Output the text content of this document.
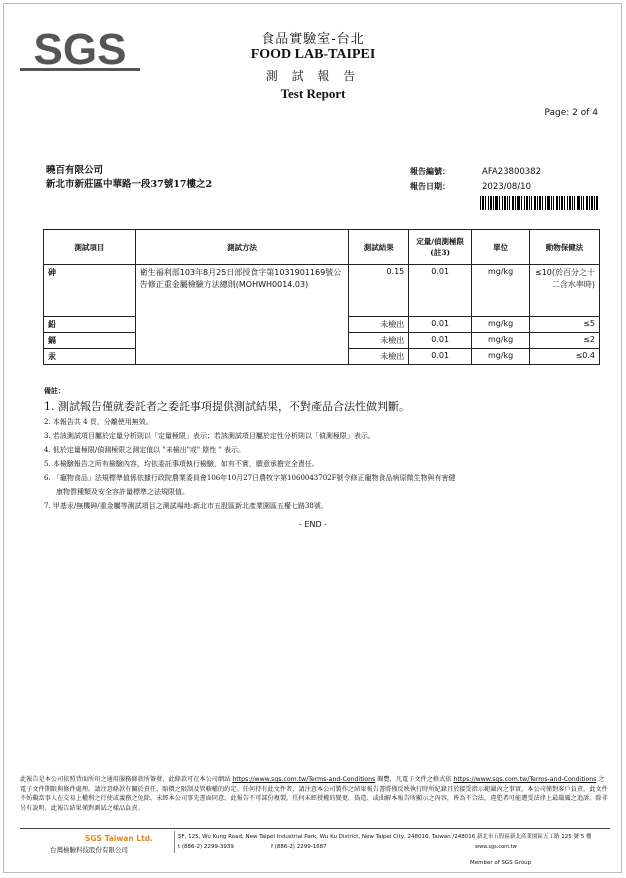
SGS	食品實驗室-台北
FOOD LAB-TAIPEI
測 試 報 告
Test Report
Page: 2 of 4
曉百有限公司
新北市新莊區中華路一段37號17樓之2
報告編號：	AFA23800382
報告日期：	2023/08/10
測試項目	測試方法	測試結果	定量/偵測極限(註3)	單位	動物保健法
砷	衛生福利部103年8月25日部授食字第1031901169號公告修正重金屬檢驗方法總則(MOHWH0014.03)	0.15	0.01	mg/kg	≤10(於百分之十二含水率時)
鉛		未檢出	0.01	mg/kg	≤5
鎘		未檢出	0.01	mg/kg	≤2
汞		未檢出	0.01	mg/kg	≤0.4
備註：
1. 測試報告僅就委託者之委託事項提供測試結果，不對產品合法性做判斷。
2. 本報告共 4 頁，分離使用無效。
3. 若該測試項目屬於定量分析則以「定量極限」表示；若該測試項目屬於定性分析則以「偵測極限」表示。
4. 低於定量極限/偵測極限之測定值以 "未檢出"或" 陰性 " 表示。
5. 本檢驗報告之所有檢驗內容，均依委託事項執行檢驗，如有不實，願意承擔完全責任。
6. 「寵物食品」法規標準值係依據行政院農業委員會106年10月27日農牧字第1060043702F號令修正寵物食品病原微生物與有害健
康物質種類及安全容許量標準之法規限值。
7. 甲基汞/無機砷/重金屬等測試項目之測試場地:新北市五股區新北產業園區五權七路38號。
- END -
此報告是本公司依照背面所印之通用服務條款所簽發，此條款可在本公司網站 https://www.sgs.com.tw/Terms-and-Conditions 閱覽，凡電子文件之格式依 https://www.sgs.com.tw/Terms-and-Conditions 之電子文件期限與條件處理。請注意條款有關於責任、賠償之限制及管轄權的約定。任何持有此文件者，請注意本公司製作之結果報告書將僅反映執行時所紀錄且於接受指示範圍內之事實。本公司僅對客戶負責，此文件不妨礙當事人在交易上權利之行使或義務之免除。未經本公司事先書面同意，此報告不可部份複製。任何未經授權的變更、偽造、或曲解本報告所顯示之內容，皆為不合法，違犯者可能遭受法律上最嚴厲之追訴。除非另有說明，此報告結果僅對測試之樣品負責。
SGS Taiwan Ltd.
台灣檢驗科技股份有限公司
5F, 125, Wu Kung Road, New Taipei Industrial Park, Wu Ku District, New Taipei City, 248016, Taiwan /248016 新北市五股區新北產業園區五工路 125 號 5 樓
t (886-2) 2299-3939	f (886-2) 2299-1687	www.sgs.com.tw
Member of SGS Group
